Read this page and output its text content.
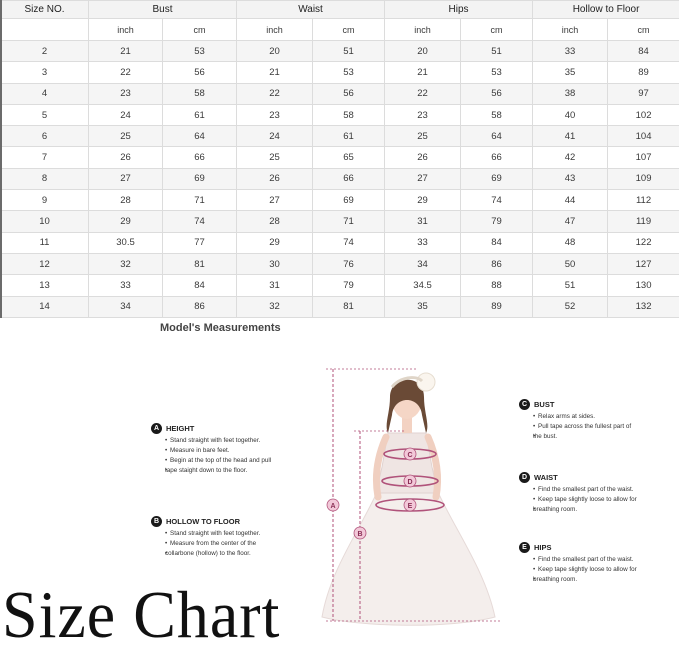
Size NO.	Bust		Waist		Hips		Hollow to Floor	
	inch	cm	inch	cm	inch	cm	inch	cm
2	21	53	20	51	20	51	33	84
3	22	56	21	53	21	53	35	89
4	23	58	22	56	22	56	38	97
5	24	61	23	58	23	58	40	102
6	25	64	24	61	25	64	41	104
7	26	66	25	65	26	66	42	107
8	27	69	26	66	27	69	43	109
9	28	71	27	69	29	74	44	112
10	29	74	28	71	31	79	47	119
11	30.5	77	29	74	33	84	48	122
12	32	81	30	76	34	86	50	127
13	33	84	31	79	34.5	88	51	130
14	34	86	32	81	35	89	52	132
Model's Measurements
A HEIGHT
• Stand straight with feet together.
• Measure in bare feet.
• Begin at the top of the head and pull
• tape staight down to the floor.
B HOLLOW TO FLOOR
• Stand straight with feet together.
• Measure from the center of the
• collarbone (hollow) to the floor.
C BUST
• Relax arms at sides.
• Pull tape across the fullest part of
• the bust.
D WAIST
• Find the smallest part of the waist.
• Keep tape slightly loose to allow for
• breathing room.
E HIPS
• Find the smallest part of the waist.
• Keep tape slightly loose to allow for
• breathing room.
A
B
C
D
E
Size Chart
